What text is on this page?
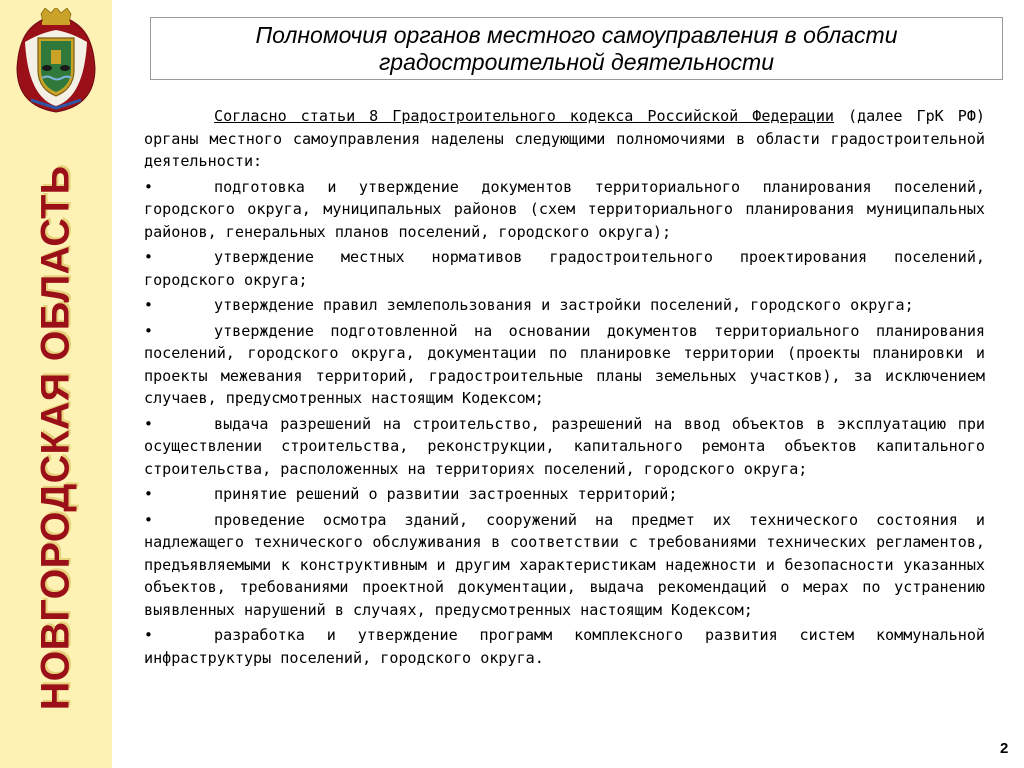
НОВГОРОДСКАЯ ОБЛАСТЬ
Полномочия органов местного самоуправления в области
градостроительной деятельности

Согласно статьи 8 Градостроительного кодекса Российской Федерации (далее ГрК РФ) органы местного самоуправления наделены следующими полномочиями в области градостроительной деятельности:

•	подготовка и утверждение документов территориального планирования поселений, городского округа, муниципальных районов (схем территориального планирования муниципальных районов, генеральных планов поселений, городского округа);

•	утверждение местных нормативов градостроительного проектирования поселений, городского округа;

•	утверждение правил землепользования и застройки поселений, городского округа;

•	утверждение подготовленной на основании документов территориального планирования поселений, городского округа, документации по планировке территории (проекты планировки и проекты межевания территорий, градостроительные планы земельных участков), за исключением случаев, предусмотренных настоящим Кодексом;

•	выдача разрешений на строительство, разрешений на ввод объектов в эксплуатацию при осуществлении строительства, реконструкции, капитального ремонта объектов капитального строительства, расположенных на территориях поселений, городского округа;

•	принятие решений о развитии застроенных территорий;

•	проведение осмотра зданий, сооружений на предмет их технического состояния и надлежащего технического обслуживания в соответствии с требованиями технических регламентов, предъявляемыми к конструктивным и другим характеристикам надежности и безопасности указанных объектов, требованиями проектной документации, выдача рекомендаций о мерах по устранению выявленных нарушений в случаях, предусмотренных настоящим Кодексом;

•	разработка и утверждение программ комплексного развития систем коммунальной инфраструктуры поселений, городского округа.

2
